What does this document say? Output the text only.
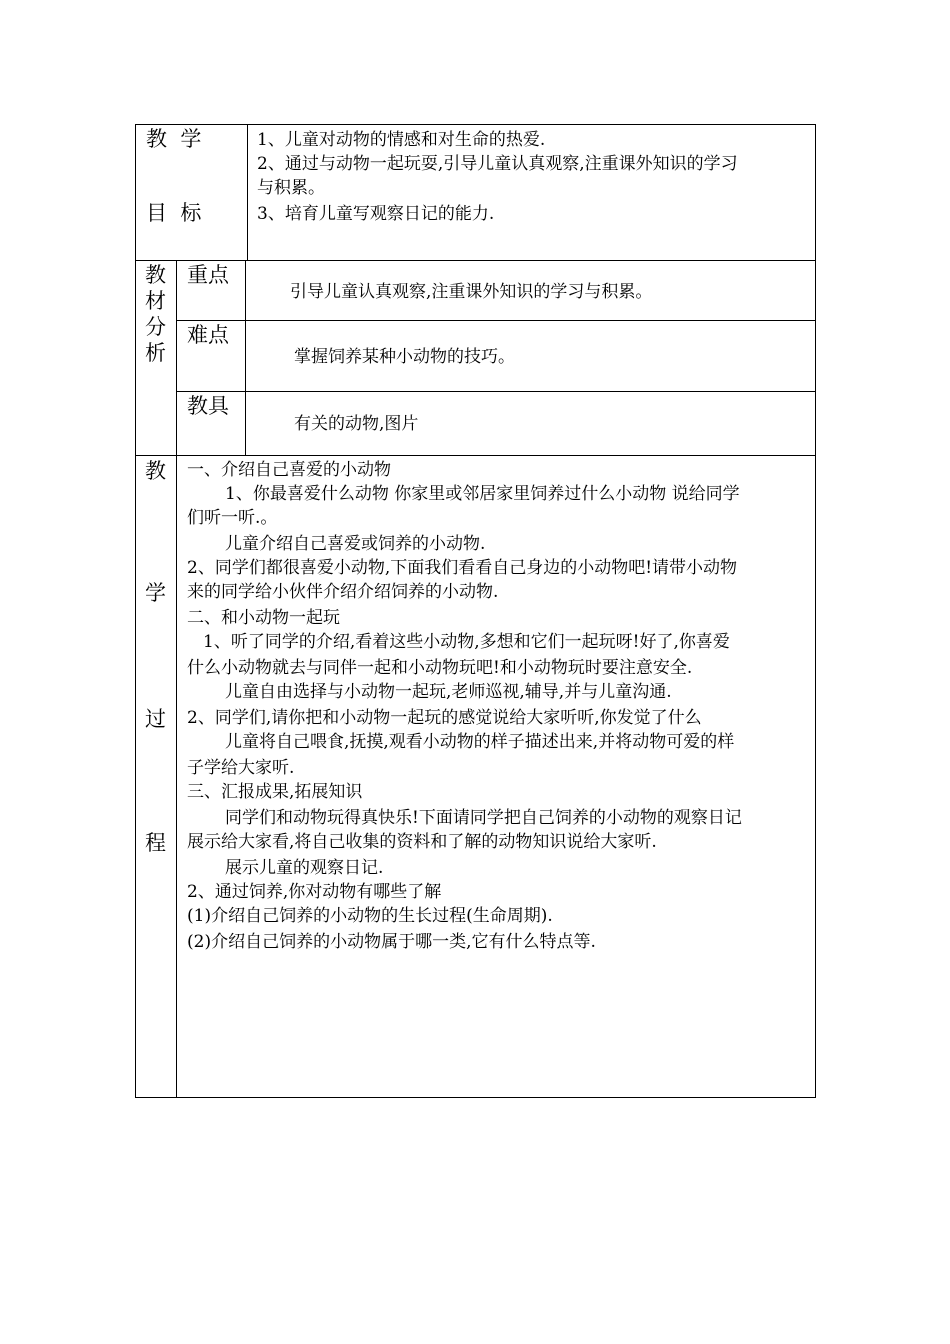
教  学
目  标
1、儿童对动物的情感和对生命的热爱.
2、通过与动物一起玩耍,引导儿童认真观察,注重课外知识的学习
与积累。
3、培育儿童写观察日记的能力.
教
材
分
析
重点
引导儿童认真观察,注重课外知识的学习与积累。
难点
掌握饲养某种小动物的技巧。
教具
有关的动物,图片
教
学
过
程
一、介绍自己喜爱的小动物
1、你最喜爱什么动物 你家里或邻居家里饲养过什么小动物 说给同学
们听一听.。
儿童介绍自己喜爱或饲养的小动物.
2、同学们都很喜爱小动物,下面我们看看自己身边的小动物吧!请带小动物
来的同学给小伙伴介绍介绍饲养的小动物.
二、和小动物一起玩
1、听了同学的介绍,看着这些小动物,多想和它们一起玩呀!好了,你喜爱
什么小动物就去与同伴一起和小动物玩吧!和小动物玩时要注意安全.
儿童自由选择与小动物一起玩,老师巡视,辅导,并与儿童沟通.
2、同学们,请你把和小动物一起玩的感觉说给大家听听,你发觉了什么
儿童将自己喂食,抚摸,观看小动物的样子描述出来,并将动物可爱的样
子学给大家听.
三、汇报成果,拓展知识
同学们和动物玩得真快乐!下面请同学把自己饲养的小动物的观察日记
展示给大家看,将自己收集的资料和了解的动物知识说给大家听.
展示儿童的观察日记.
2、通过饲养,你对动物有哪些了解
(1)介绍自己饲养的小动物的生长过程(生命周期).
(2)介绍自己饲养的小动物属于哪一类,它有什么特点等.
